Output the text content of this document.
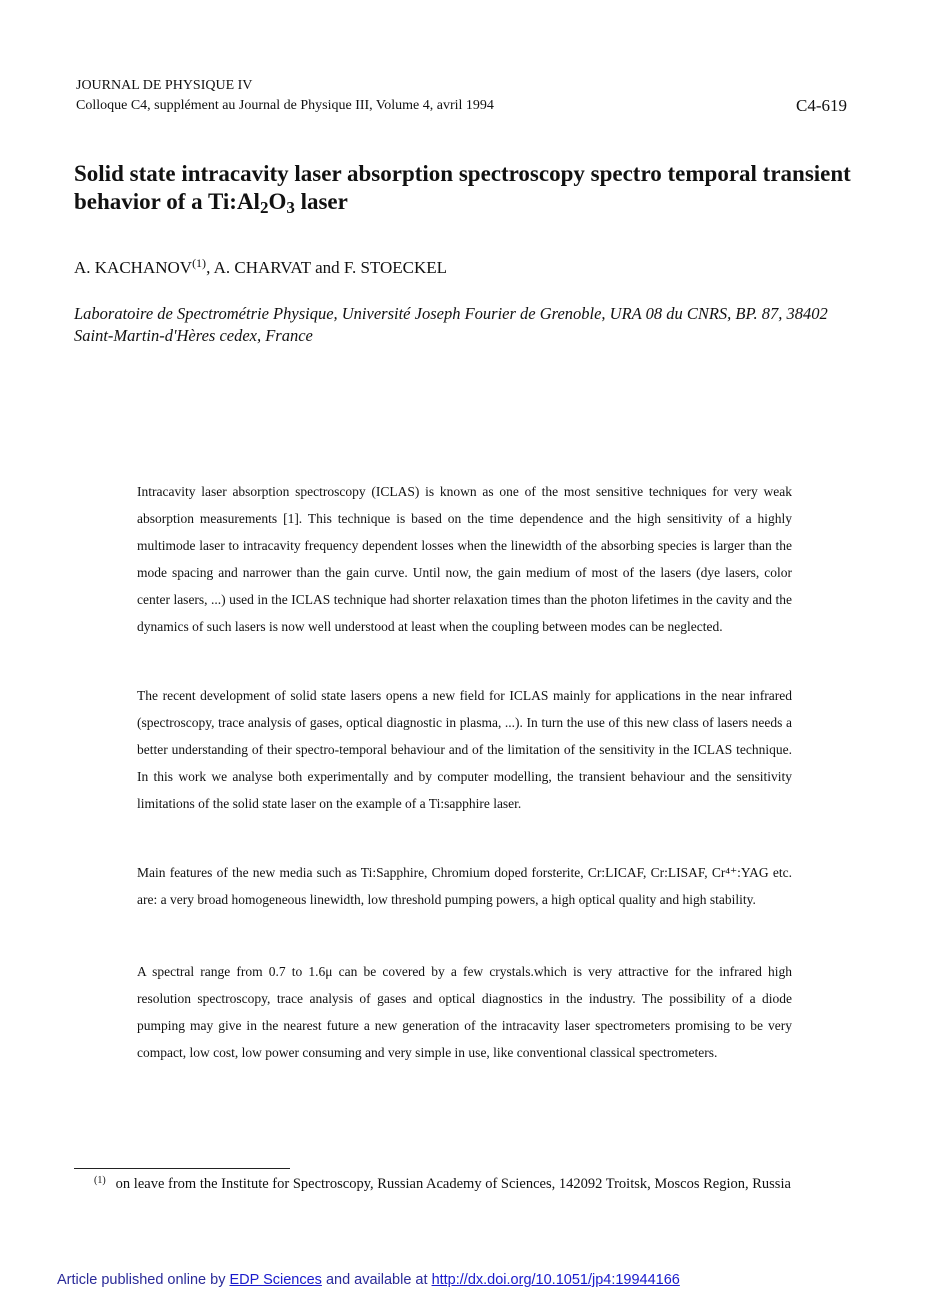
JOURNAL DE PHYSIQUE IV
Colloque C4, supplément au Journal de Physique III, Volume 4, avril 1994	C4-619
Solid state intracavity laser absorption spectroscopy spectro temporal transient behavior of a $Ti:Al_2O_3$ laser
A. KACHANOV$^{(1)}$, A. CHARVAT and F. STOECKEL
Laboratoire de Spectrométrie Physique, Université Joseph Fourier de Grenoble, URA 08 du CNRS, BP. 87, 38402 Saint-Martin-d'Hères cedex, France

Intracavity laser absorption spectroscopy (ICLAS) is known as one of the most sensitive techniques for very weak absorption measurements [1]. This technique is based on the time dependence and the high sensitivity of a highly multimode laser to intracavity frequency dependent losses when the linewidth of the absorbing species is larger than the mode spacing and narrower than the gain curve. Until now, the gain medium of most of the lasers (dye lasers, color center lasers, ...) used in the ICLAS technique had shorter relaxation times than the photon lifetimes in the cavity and the dynamics of such lasers is now well understood at least when the coupling between modes can be neglected.

The recent development of solid state lasers opens a new field for ICLAS mainly for applications in the near infrared (spectroscopy, trace analysis of gases, optical diagnostic in plasma, ...). In turn the use of this new class of lasers needs a better understanding of their spectro-temporal behaviour and of the limitation of the sensitivity in the ICLAS technique. In this work we analyse both experimentally and by computer modelling, the transient behaviour and the sensitivity limitations of the solid state laser on the example of a Ti:sapphire laser.

Main features of the new media such as Ti:Sapphire, Chromium doped forsterite, Cr:LICAF, Cr:LISAF, Cr⁴⁺:YAG etc. are: a very broad homogeneous linewidth, low threshold pumping powers, a high optical quality and high stability.

A spectral range from 0.7 to 1.6μ can be covered by a few crystals.which is very attractive for the infrared high resolution spectroscopy, trace analysis of gases and optical diagnostics in the industry. The possibility of a diode pumping may give in the nearest future a new generation of the intracavity laser spectrometers promising to be very compact, low cost, low power consuming and very simple in use, like conventional classical spectrometers.

$^{(1)}$ on leave from the Institute for Spectroscopy, Russian Academy of Sciences, 142092 Troitsk, Moscos Region, Russia
Article published online by EDP Sciences and available at http://dx.doi.org/10.1051/jp4:19944166
